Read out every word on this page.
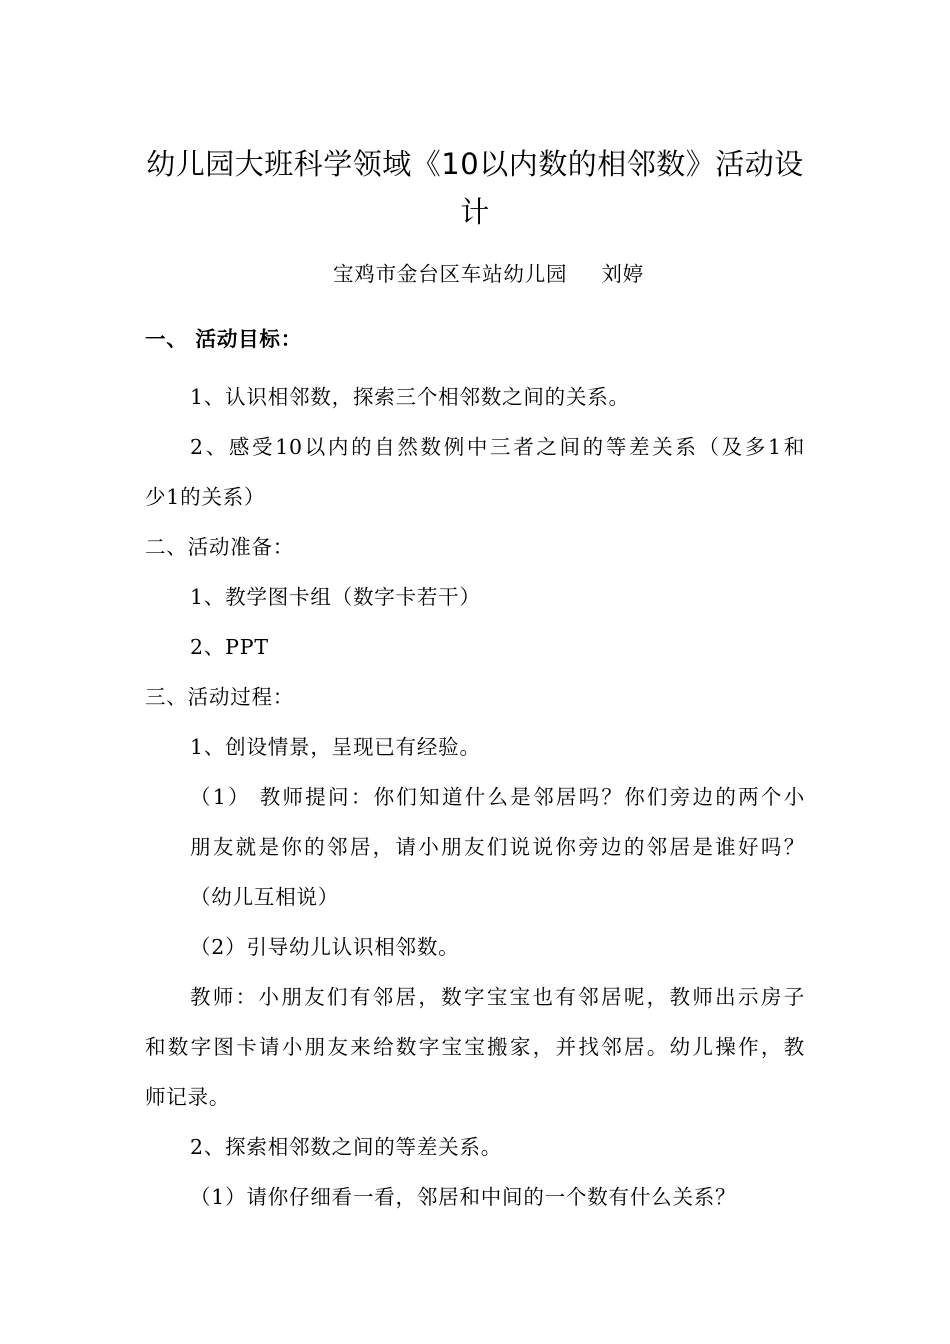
幼儿园大班科学领域《10以内数的相邻数》活动设计
宝鸡市金台区车站幼儿园 刘婷
一、 活动目标：
1、认识相邻数，探索三个相邻数之间的关系。
2、感受10以内的自然数例中三者之间的等差关系（及多1和
少1的关系）
二、活动准备：
1、教学图卡组（数字卡若干）
2、PPT
三、活动过程：
1、创设情景，呈现已有经验。
（1） 教师提问：你们知道什么是邻居吗？你们旁边的两个小
朋友就是你的邻居，请小朋友们说说你旁边的邻居是谁好吗？
（幼儿互相说）
（2）引导幼儿认识相邻数。
教师：小朋友们有邻居，数字宝宝也有邻居呢，教师出示房子
和数字图卡请小朋友来给数字宝宝搬家，并找邻居。幼儿操作，教
师记录。
2、探索相邻数之间的等差关系。
（1）请你仔细看一看，邻居和中间的一个数有什么关系？
